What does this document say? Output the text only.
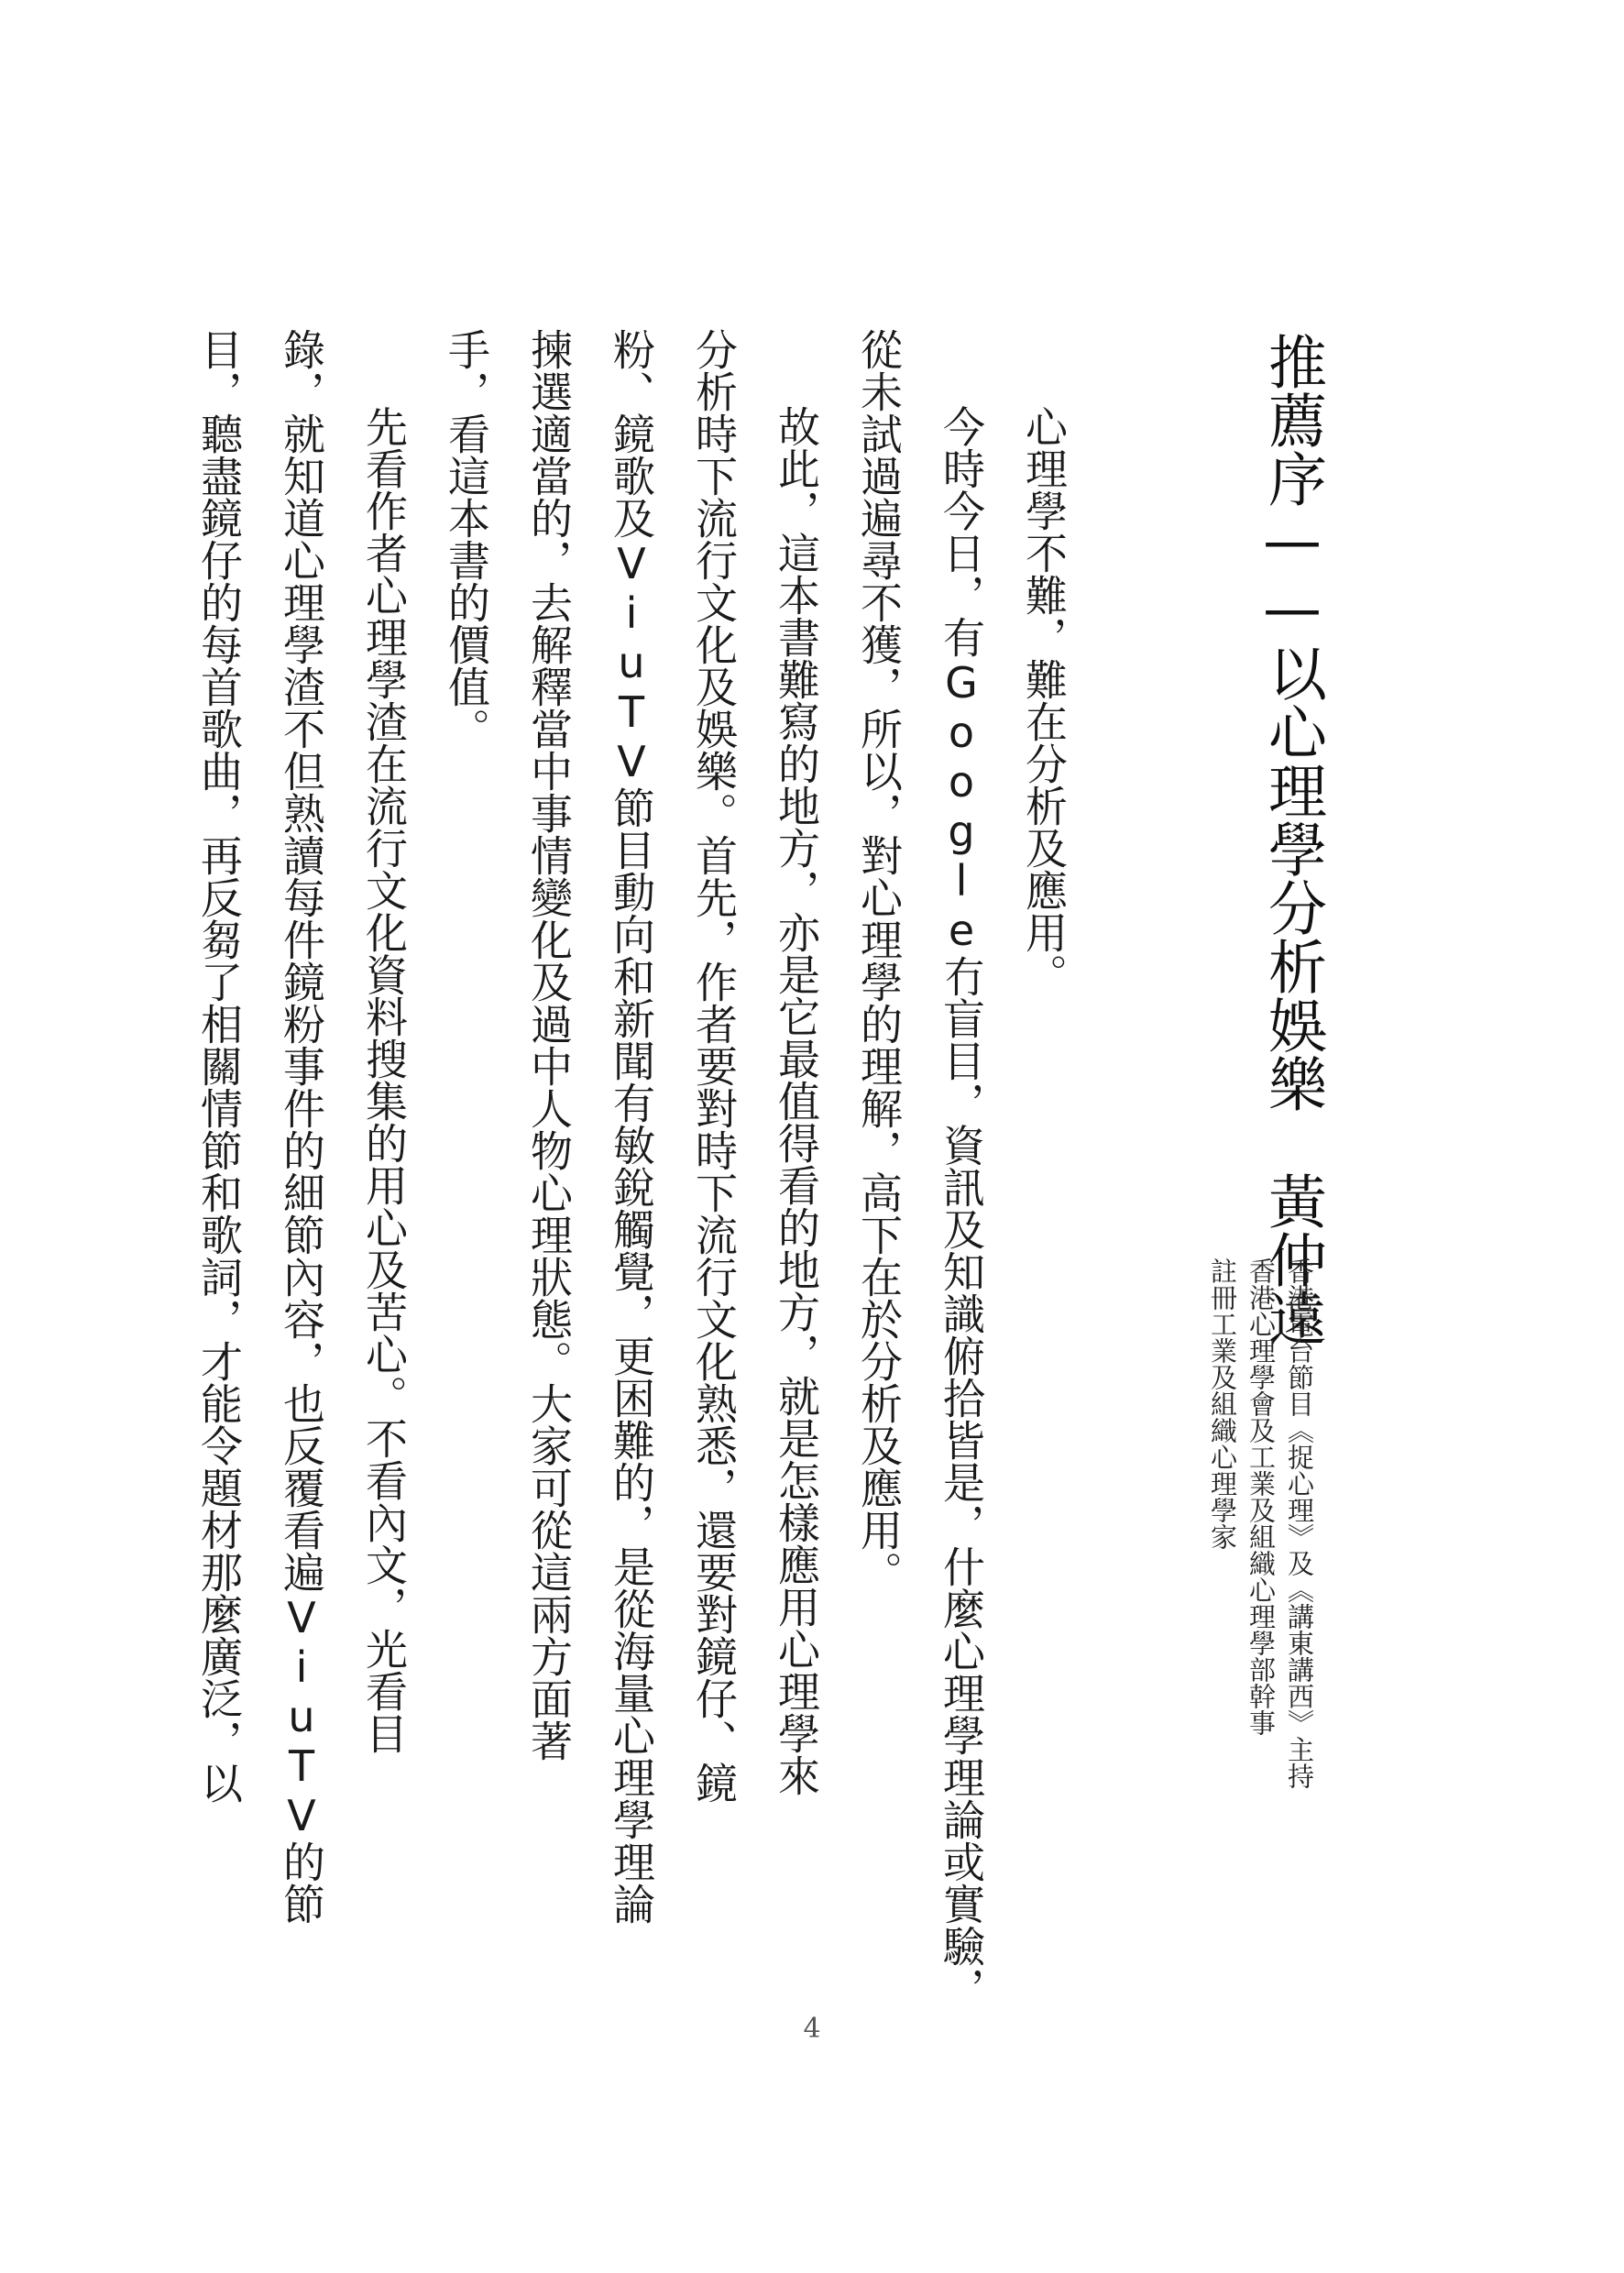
推薦序——以心理學分析娛樂　黃仲遠
香港電台節目《捉心理》及《講東講西》主持
香港心理學會及工業及組織心理學部幹事
註冊工業及組織心理學家
心理學不難，難在分析及應用。
今時今日，有Google冇盲目，資訊及知識俯拾皆是，什麼心理學理論或實驗，
從未試過遍尋不獲，所以，對心理學的理解，高下在於分析及應用。
故此，這本書難寫的地方，亦是它最值得看的地方，就是怎樣應用心理學來
分析時下流行文化及娛樂。首先，作者要對時下流行文化熟悉，還要對鏡仔、鏡
粉、鏡歌及ViuTV節目動向和新聞有敏銳觸覺，更困難的，是從海量心理學理論
揀選適當的，去解釋當中事情變化及過中人物心理狀態。大家可從這兩方面著
手，看這本書的價值。
先看作者心理學渣在流行文化資料搜集的用心及苦心。不看內文，光看目
錄，就知道心理學渣不但熟讀每件鏡粉事件的細節內容，也反覆看遍ViuTV的節
目，聽盡鏡仔的每首歌曲，再反芻了相關情節和歌詞，才能令題材那麼廣泛，以
4
